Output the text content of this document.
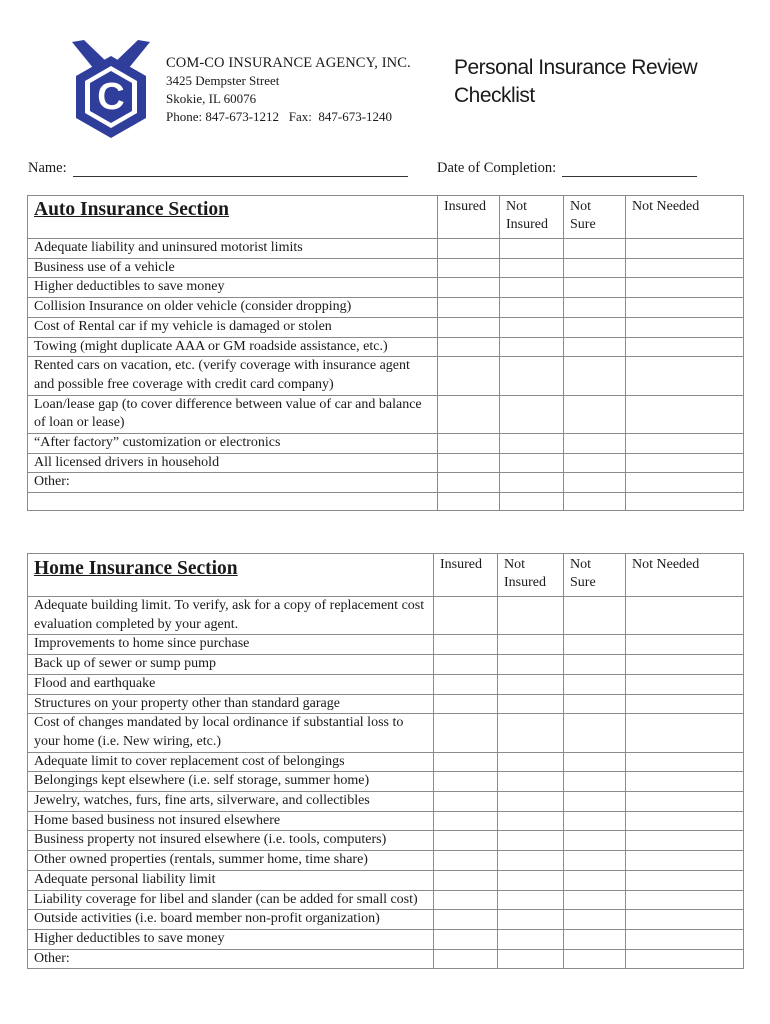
C
COM-CO INSURANCE AGENCY, INC.
3425 Dempster Street
Skokie, IL 60076
Phone: 847-673-1212   Fax:  847-673-1240
Personal Insurance Review Checklist
Name:	Date of Completion:
Auto Insurance Section	Insured	Not Insured	Not Sure	Not Needed
Adequate liability and uninsured motorist limits				
Business use of a vehicle				
Higher deductibles to save money				
Collision Insurance on older vehicle (consider dropping)				
Cost of Rental car if my vehicle is damaged or stolen				
Towing (might duplicate AAA or GM roadside assistance, etc.)				
Rented cars on vacation, etc. (verify coverage with insurance agent and possible free coverage with credit card company)				
Loan/lease gap (to cover difference between value of car and balance of loan or lease)				
“After factory” customization or electronics				
All licensed drivers in household				
Other:				

Home Insurance Section	Insured	Not Insured	Not Sure	Not Needed
Adequate building limit. To verify, ask for a copy of replacement cost evaluation completed by your agent.				
Improvements to home since purchase				
Back up of sewer or sump pump				
Flood and earthquake				
Structures on your property other than standard garage				
Cost of changes mandated by local ordinance if substantial loss to your home (i.e. New wiring, etc.)				
Adequate limit to cover replacement cost of belongings				
Belongings kept elsewhere (i.e. self storage, summer home)				
Jewelry, watches, furs, fine arts, silverware, and collectibles				
Home based business not insured elsewhere				
Business property not insured elsewhere (i.e. tools, computers)				
Other owned properties (rentals, summer home, time share)				
Adequate personal liability limit				
Liability coverage for libel and slander (can be added for small cost)				
Outside activities (i.e. board member non-profit organization)				
Higher deductibles to save money				
Other:				
